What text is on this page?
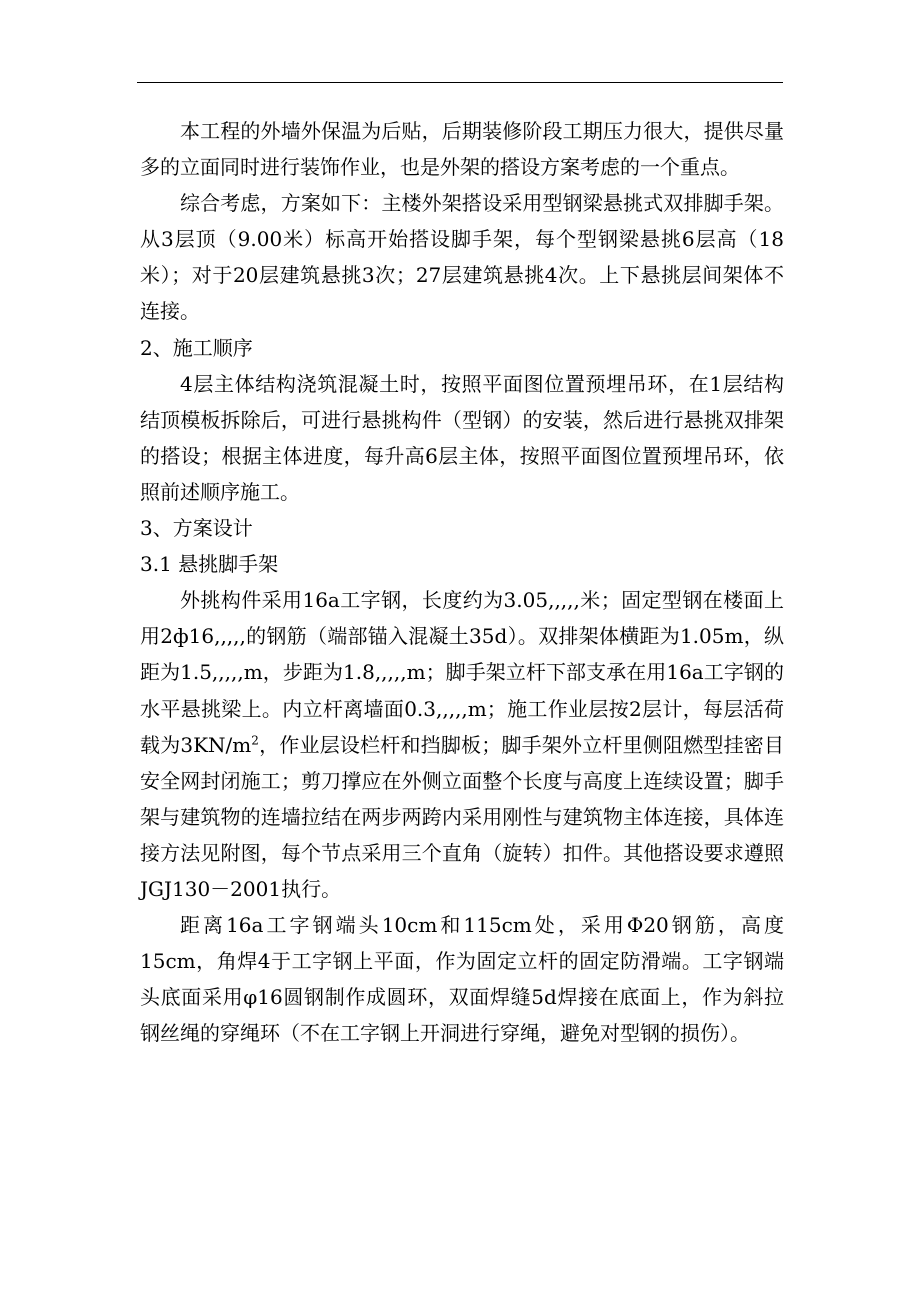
本工程的外墙外保温为后贴，后期装修阶段工期压力很大，提供尽量多的立面同时进行装饰作业，也是外架的搭设方案考虑的一个重点。

综合考虑，方案如下：主楼外架搭设采用型钢梁悬挑式双排脚手架。从3层顶（9.00米）标高开始搭设脚手架，每个型钢梁悬挑6层高（18米）；对于20层建筑悬挑3次；27层建筑悬挑4次。上下悬挑层间架体不连接。

2、施工顺序

4层主体结构浇筑混凝土时，按照平面图位置预埋吊环，在1层结构结顶模板拆除后，可进行悬挑构件（型钢）的安装，然后进行悬挑双排架的搭设；根据主体进度，每升高6层主体，按照平面图位置预埋吊环，依照前述顺序施工。

3、方案设计

3.1 悬挑脚手架

外挑构件采用16a工字钢，长度约为3.05,,,,,米；固定型钢在楼面上用2ф16,,,,,的钢筋（端部锚入混凝土35d）。双排架体横距为1.05m，纵距为1.5,,,,,m，步距为1.8,,,,,m；脚手架立杆下部支承在用16a工字钢的水平悬挑梁上。内立杆离墙面0.3,,,,,m；施工作业层按2层计，每层活荷载为$3KN/m^2$，作业层设栏杆和挡脚板；脚手架外立杆里侧阻燃型挂密目安全网封闭施工；剪刀撑应在外侧立面整个长度与高度上连续设置；脚手架与建筑物的连墙拉结在两步两跨内采用刚性与建筑物主体连接，具体连接方法见附图，每个节点采用三个直角（旋转）扣件。其他搭设要求遵照JGJ130－2001执行。

距离16a工字钢端头10cm和115cm处，采用Φ20钢筋，高度15cm，角焊4于工字钢上平面，作为固定立杆的固定防滑端。工字钢端头底面采用φ16圆钢制作成圆环，双面焊缝5d焊接在底面上，作为斜拉钢丝绳的穿绳环（不在工字钢上开洞进行穿绳，避免对型钢的损伤）。
